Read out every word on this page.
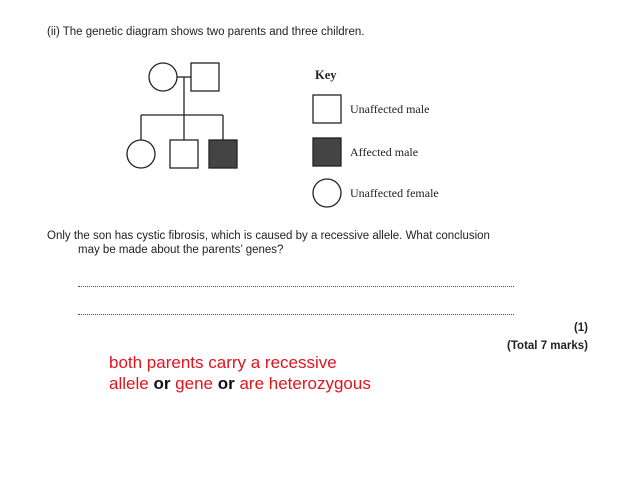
(ii) The genetic diagram shows two parents and three children.
Key
Unaffected male
Affected male
Unaffected female
Only the son has cystic fibrosis, which is caused by a recessive allele. What conclusion
may be made about the parents’ genes?
(1)
(Total 7 marks)
both parents carry a recessive
allele or gene or are heterozygous
